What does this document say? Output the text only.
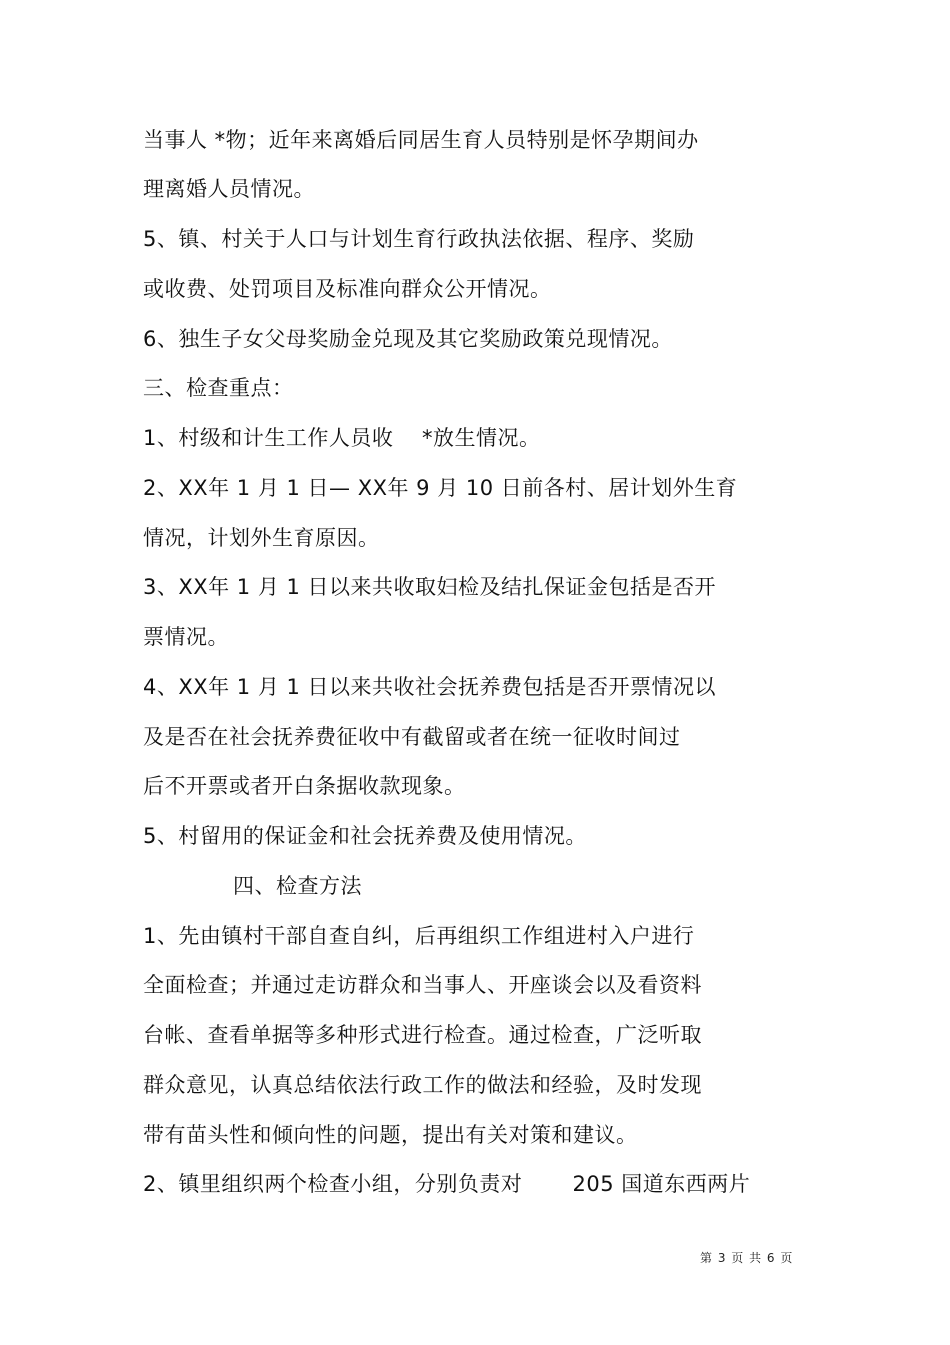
当事人 *物；近年来离婚后同居生育人员特别是怀孕期间办
理离婚人员情况。
5、镇、村关于人口与计划生育行政执法依据、程序、奖励
或收费、处罚项目及标准向群众公开情况。
6、独生子女父母奖励金兑现及其它奖励政策兑现情况。
三、检查重点：
1、村级和计生工作人员收　 *放生情况。
2、XX年 1 月 1 日— XX年 9 月 10 日前各村、居计划外生育
情况，计划外生育原因。
3、XX年 1 月 1 日以来共收取妇检及结扎保证金包括是否开
票情况。
4、XX年 1 月 1 日以来共收社会抚养费包括是否开票情况以
及是否在社会抚养费征收中有截留或者在统一征收时间过
后不开票或者开白条据收款现象。
5、村留用的保证金和社会抚养费及使用情况。
四、检查方法
1、先由镇村干部自查自纠，后再组织工作组进村入户进行
全面检查；并通过走访群众和当事人、开座谈会以及看资料
台帐、查看单据等多种形式进行检查。通过检查，广泛听取
群众意见，认真总结依法行政工作的做法和经验，及时发现
带有苗头性和倾向性的问题，提出有关对策和建议。
2、镇里组织两个检查小组，分别负责对　　 205 国道东西两片
第 3 页 共 6 页
